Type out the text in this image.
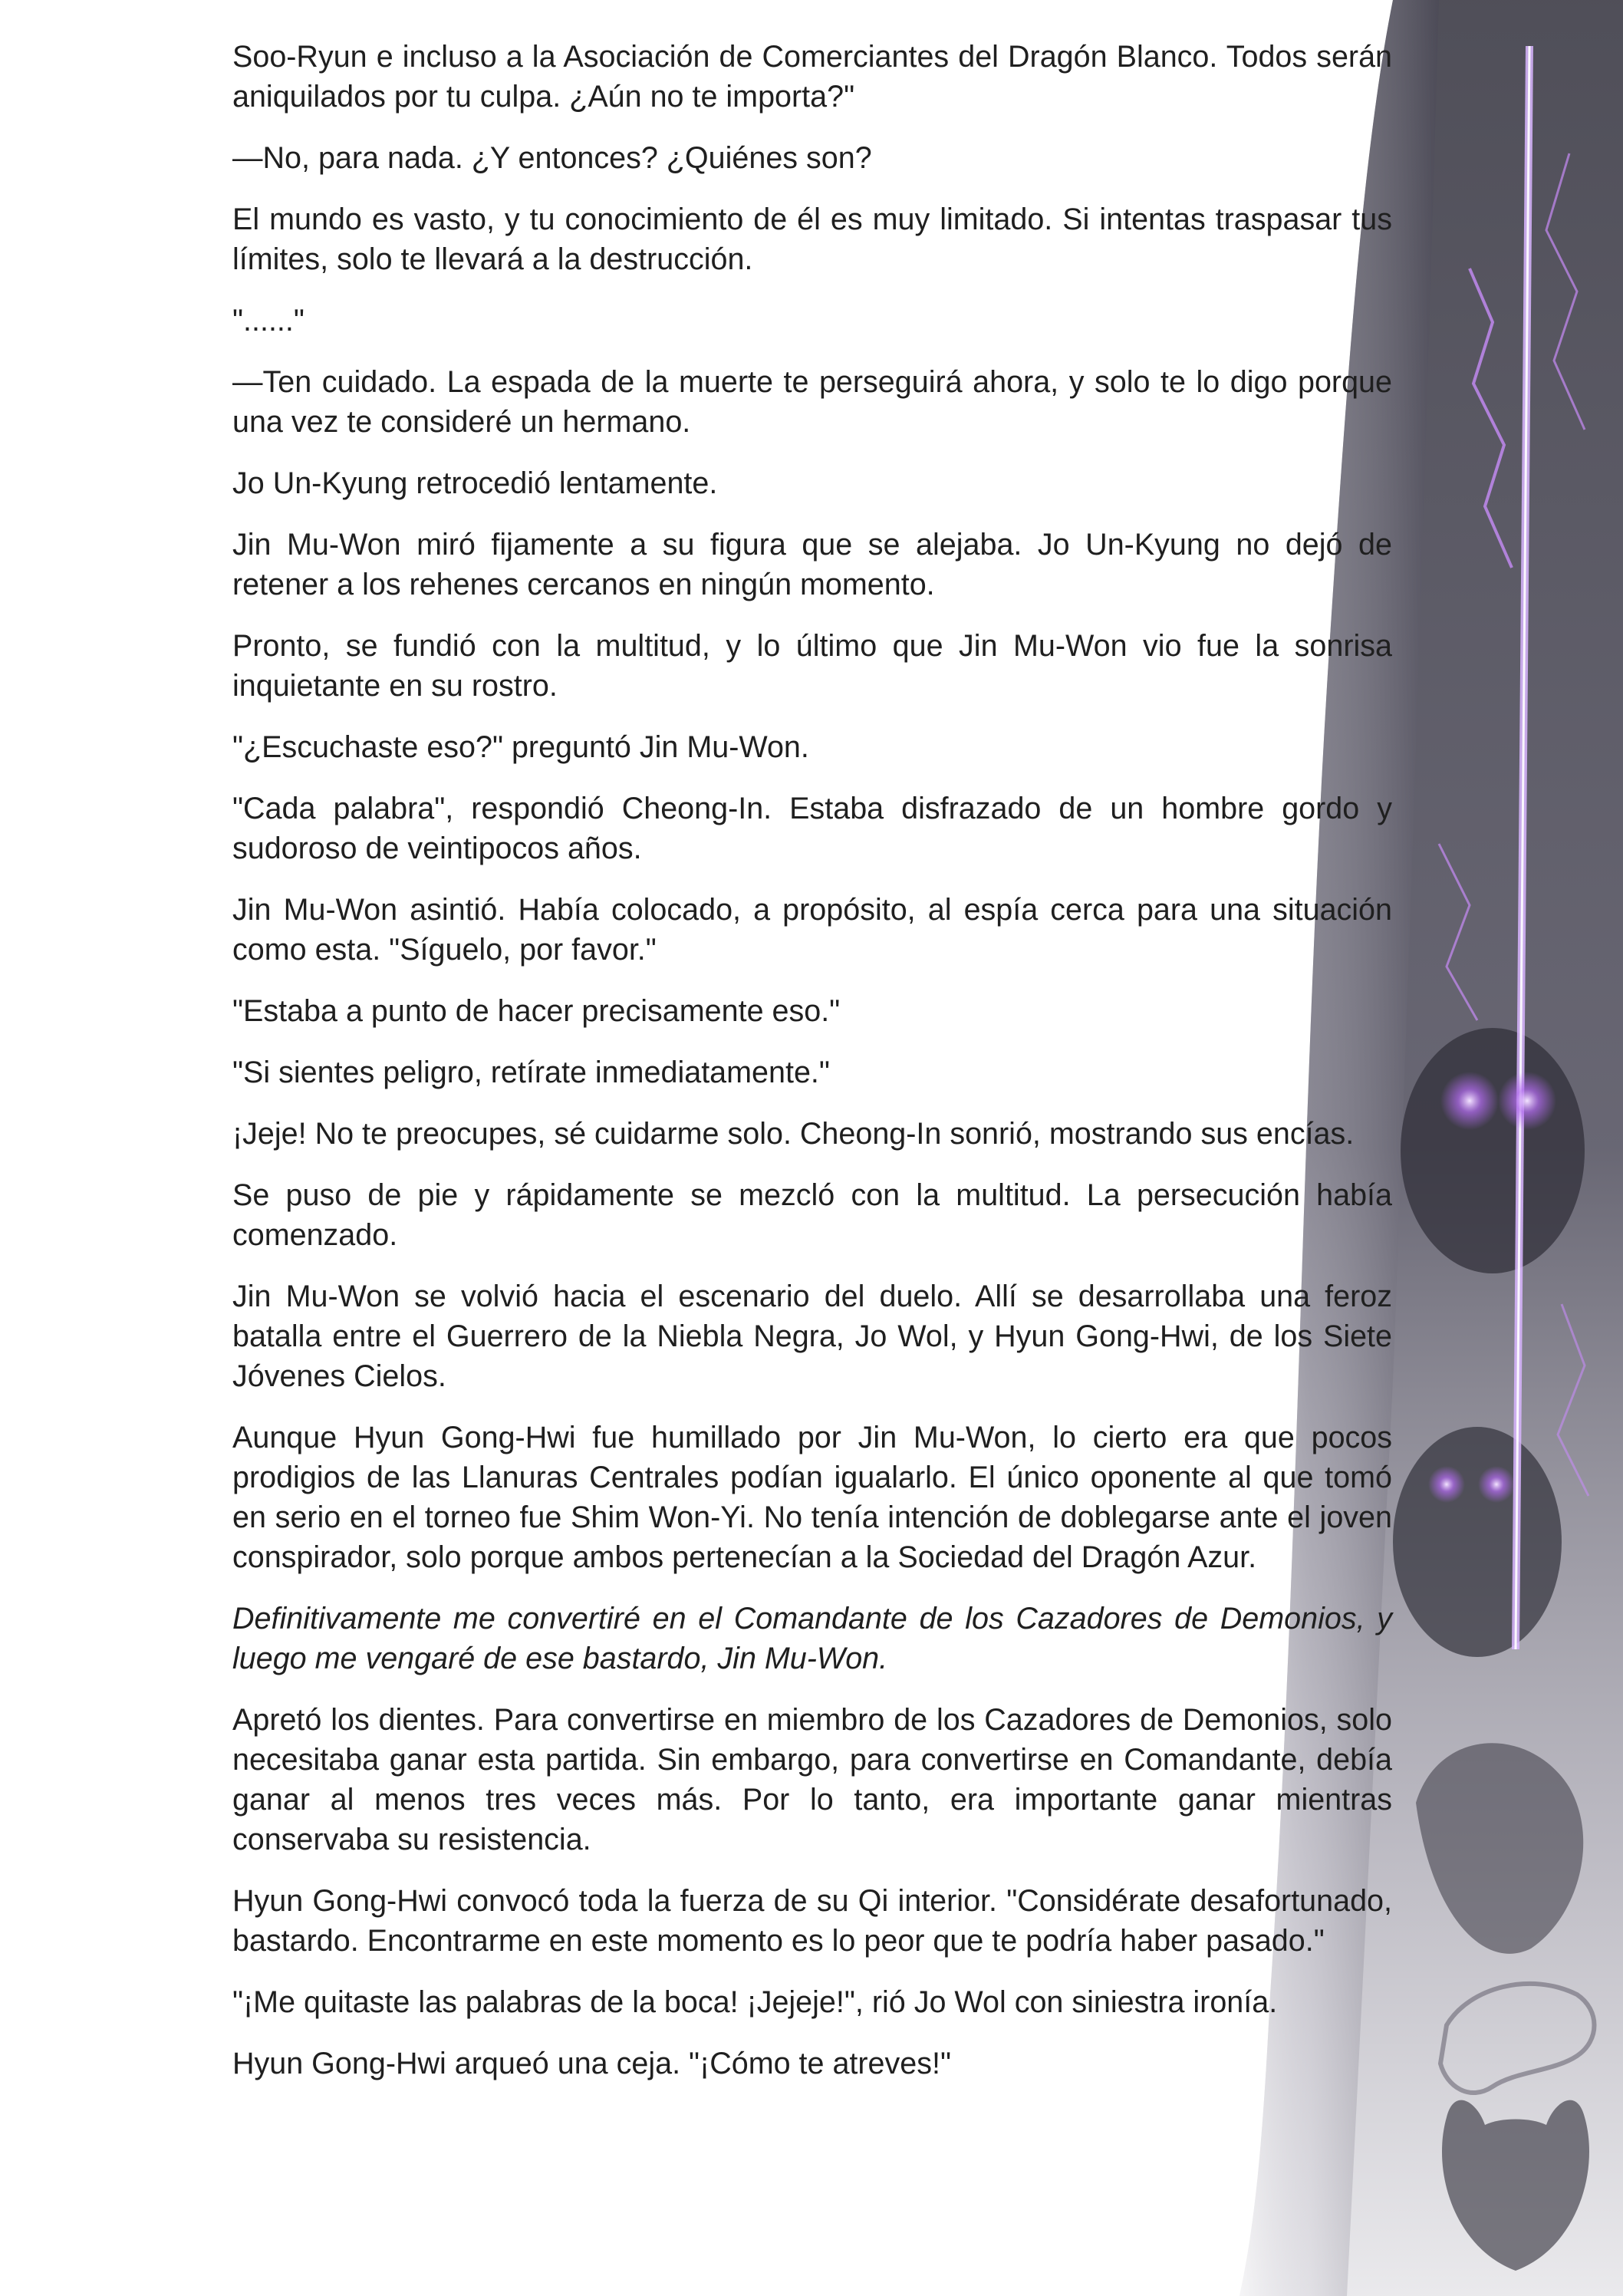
Soo-Ryun e incluso a la Asociación de Comerciantes del Dragón Blanco. Todos serán aniquilados por tu culpa. ¿Aún no te importa?"

—No, para nada. ¿Y entonces? ¿Quiénes son?

El mundo es vasto, y tu conocimiento de él es muy limitado. Si intentas traspasar tus límites, solo te llevará a la destrucción.

"......"

—Ten cuidado. La espada de la muerte te perseguirá ahora, y solo te lo digo porque una vez te consideré un hermano.

Jo Un-Kyung retrocedió lentamente.

Jin Mu-Won miró fijamente a su figura que se alejaba. Jo Un-Kyung no dejó de retener a los rehenes cercanos en ningún momento.

Pronto, se fundió con la multitud, y lo último que Jin Mu-Won vio fue la sonrisa inquietante en su rostro.

"¿Escuchaste eso?" preguntó Jin Mu-Won.

"Cada palabra", respondió Cheong-In. Estaba disfrazado de un hombre gordo y sudoroso de veintipocos años.

Jin Mu-Won asintió. Había colocado, a propósito, al espía cerca para una situación como esta. "Síguelo, por favor."

"Estaba a punto de hacer precisamente eso."

"Si sientes peligro, retírate inmediatamente."

¡Jeje! No te preocupes, sé cuidarme solo. Cheong-In sonrió, mostrando sus encías.

Se puso de pie y rápidamente se mezcló con la multitud. La persecución había comenzado.

Jin Mu-Won se volvió hacia el escenario del duelo. Allí se desarrollaba una feroz batalla entre el Guerrero de la Niebla Negra, Jo Wol, y Hyun Gong-Hwi, de los Siete Jóvenes Cielos.

Aunque Hyun Gong-Hwi fue humillado por Jin Mu-Won, lo cierto era que pocos prodigios de las Llanuras Centrales podían igualarlo. El único oponente al que tomó en serio en el torneo fue Shim Won-Yi. No tenía intención de doblegarse ante el joven conspirador, solo porque ambos pertenecían a la Sociedad del Dragón Azur.

Definitivamente me convertiré en el Comandante de los Cazadores de Demonios, y luego me vengaré de ese bastardo, Jin Mu-Won.

Apretó los dientes. Para convertirse en miembro de los Cazadores de Demonios, solo necesitaba ganar esta partida. Sin embargo, para convertirse en Comandante, debía ganar al menos tres veces más. Por lo tanto, era importante ganar mientras conservaba su resistencia.

Hyun Gong-Hwi convocó toda la fuerza de su Qi interior. "Considérate desafortunado, bastardo. Encontrarme en este momento es lo peor que te podría haber pasado."

"¡Me quitaste las palabras de la boca! ¡Jejeje!", rió Jo Wol con siniestra ironía.

Hyun Gong-Hwi arqueó una ceja. "¡Cómo te atreves!"
